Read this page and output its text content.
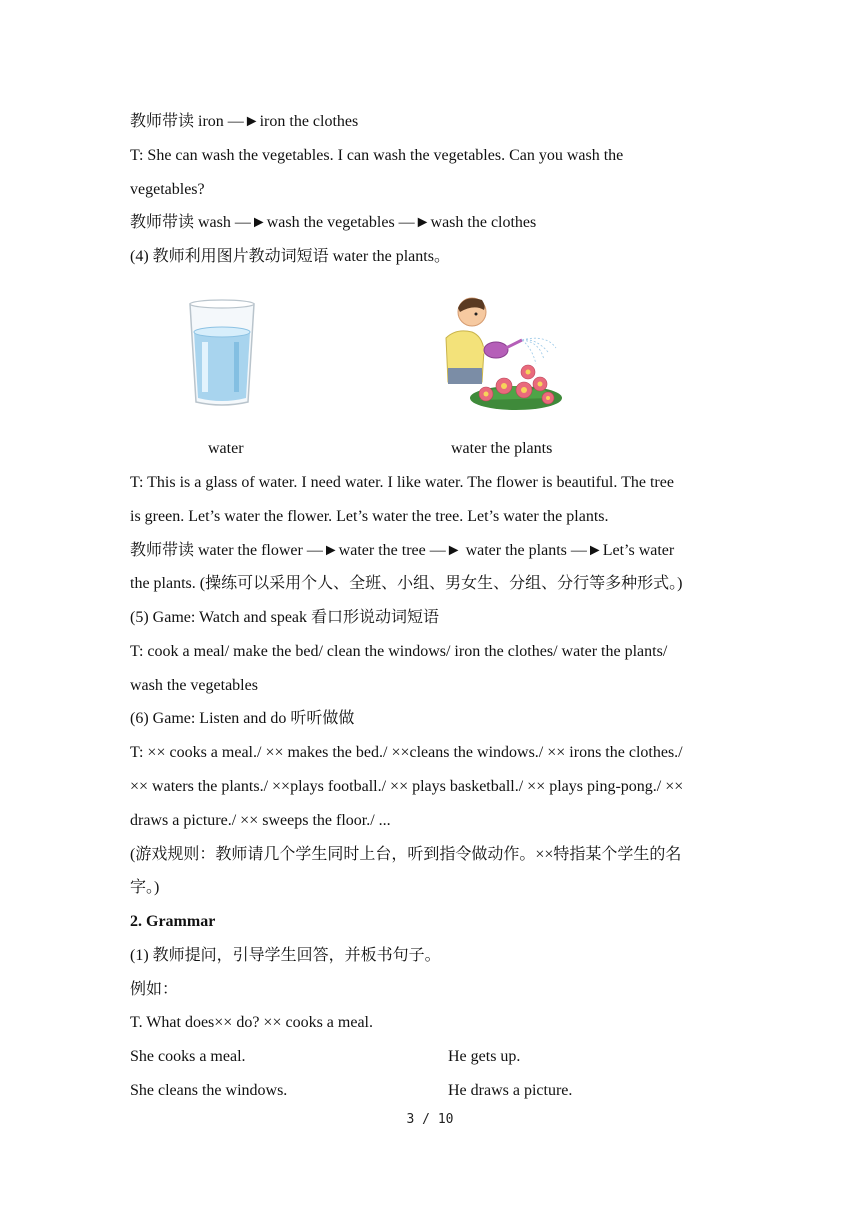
教师带读 iron —►iron the clothes
T: She can wash the vegetables. I can wash the vegetables. Can you wash the
vegetables?
教师带读 wash —►wash the vegetables —►wash the clothes
(4) 教师利用图片教动词短语 water the plants。
water	water the plants
T: This is a glass of water. I need water. I like water. The flower is beautiful. The tree
is green. Let’s water the flower. Let’s water the tree. Let’s water the plants.
教师带读 water the flower —►water the tree —► water the plants —►Let’s water
the plants. (操练可以采用个人、全班、小组、男女生、分组、分行等多种形式。)
(5) Game: Watch and speak 看口形说动词短语
T: cook a meal/ make the bed/ clean the windows/ iron the clothes/ water the plants/
wash the vegetables
(6) Game: Listen and do 听听做做
T: ×× cooks a meal./ ×× makes the bed./ ××cleans the windows./ ×× irons the clothes./
×× waters the plants./ ××plays football./ ×× plays basketball./ ×× plays ping-pong./ ××
draws a picture./ ×× sweeps the floor./ ...
(游戏规则：教师请几个学生同时上台，听到指令做动作。××特指某个学生的名
字。)
2. Grammar
(1) 教师提问，引导学生回答，并板书句子。
例如：
T. What does×× do? ×× cooks a meal.
She cooks a meal.	He gets up.
She cleans the windows.	He draws a picture.
3 / 10
